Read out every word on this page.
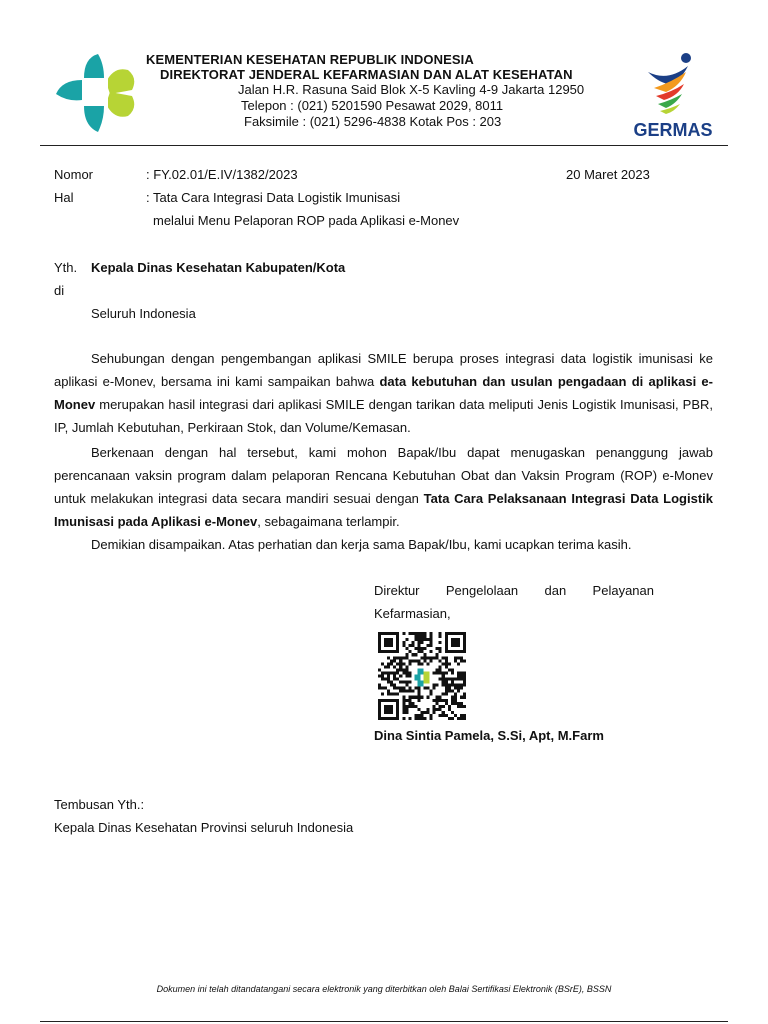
KEMENTERIAN KESEHATAN REPUBLIK INDONESIA
DIREKTORAT JENDERAL KEFARMASIAN DAN ALAT KESEHATAN
Jalan H.R. Rasuna Said Blok X-5 Kavling 4-9 Jakarta 12950
Telepon : (021) 5201590 Pesawat 2029, 8011
Faksimile : (021) 5296-4838 Kotak Pos : 203	GERMAS
Nomor	: FY.02.01/E.IV/1382/2023	20 Maret 2023
Hal	: Tata Cara Integrasi Data Logistik Imunisasi
melalui Menu Pelaporan ROP pada Aplikasi e-Monev
Yth. Kepala Dinas Kesehatan Kabupaten/Kota
di
Seluruh Indonesia

Sehubungan dengan pengembangan aplikasi SMILE berupa proses integrasi data logistik imunisasi ke aplikasi e-Monev, bersama ini kami sampaikan bahwa data kebutuhan dan usulan pengadaan di aplikasi e-Monev merupakan hasil integrasi dari aplikasi SMILE dengan tarikan data meliputi Jenis Logistik Imunisasi, PBR, IP, Jumlah Kebutuhan, Perkiraan Stok, dan Volume/Kemasan.

Berkenaan dengan hal tersebut, kami mohon Bapak/Ibu dapat menugaskan penanggung jawab perencanaan vaksin program dalam pelaporan Rencana Kebutuhan Obat dan Vaksin Program (ROP) e-Monev untuk melakukan integrasi data secara mandiri sesuai dengan Tata Cara Pelaksanaan Integrasi Data Logistik Imunisasi pada Aplikasi e-Monev, sebagaimana terlampir.

Demikian disampaikan. Atas perhatian dan kerja sama Bapak/Ibu, kami ucapkan terima kasih.

Direktur Pengelolaan dan Pelayanan

Kefarmasian,
Dina Sintia Pamela, S.Si, Apt, M.Farm
Tembusan Yth.:
Kepala Dinas Kesehatan Provinsi seluruh Indonesia
Dokumen ini telah ditandatangani secara elektronik yang diterbitkan oleh Balai Sertifikasi Elektronik (BSrE), BSSN
